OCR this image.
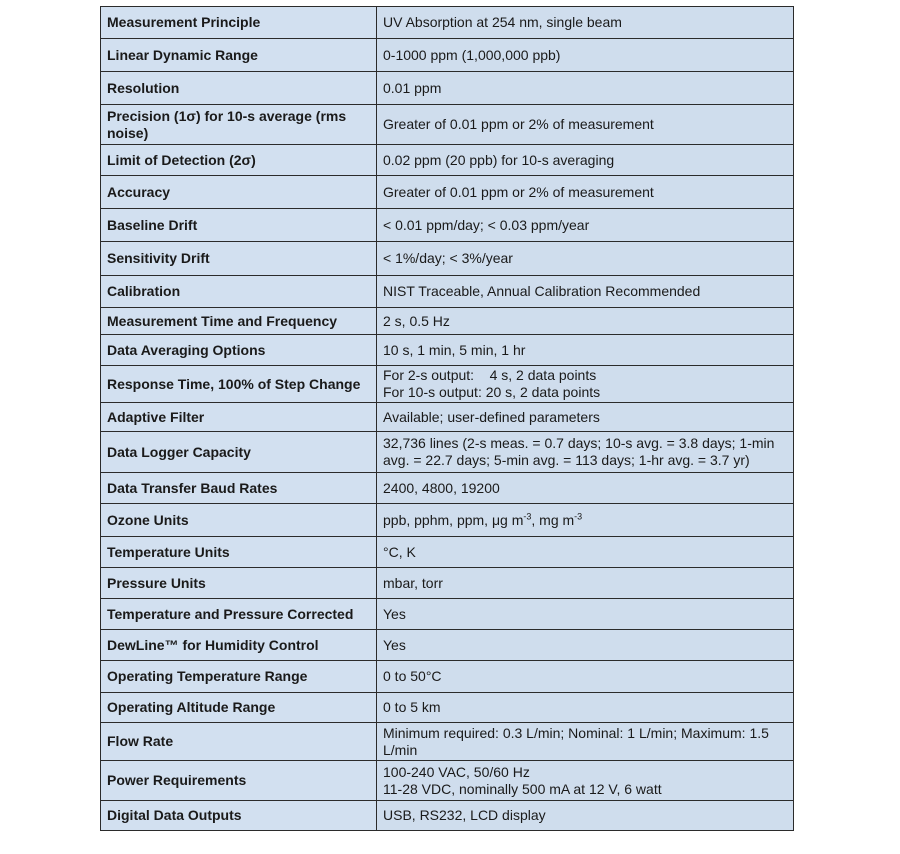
Measurement Principle	UV Absorption at 254 nm, single beam
Linear Dynamic Range	0-1000 ppm (1,000,000 ppb)
Resolution	0.01 ppm
Precision (1σ) for 10-s average (rms noise)	Greater of 0.01 ppm or 2% of measurement
Limit of Detection (2σ)	0.02 ppm (20 ppb) for 10-s averaging
Accuracy	Greater of 0.01 ppm or 2% of measurement
Baseline Drift	< 0.01 ppm/day; < 0.03 ppm/year
Sensitivity Drift	< 1%/day; < 3%/year
Calibration	NIST Traceable, Annual Calibration Recommended
Measurement Time and Frequency	2 s, 0.5 Hz
Data Averaging Options	10 s, 1 min, 5 min, 1 hr
Response Time, 100% of Step Change	For 2-s output:    4 s, 2 data points
For 10-s output: 20 s, 2 data points

Adaptive Filter	Available; user-defined parameters
Data Logger Capacity	32,736 lines (2-s meas. = 0.7 days; 10-s avg. = 3.8 days; 1-min avg. = 22.7 days; 5-min avg. = 113 days; 1-hr avg. = 3.7 yr)
Data Transfer Baud Rates	2400, 4800, 19200
Ozone Units	ppb, pphm, ppm, μg $m^{-3}$, mg $m^{-3}$
Temperature Units	°C, K
Pressure Units	mbar, torr
Temperature and Pressure Corrected	Yes
DewLine™ for Humidity Control	Yes
Operating Temperature Range	0 to 50°C
Operating Altitude Range	0 to 5 km
Flow Rate	Minimum required: 0.3 L/min; Nominal: 1 L/min; Maximum: 1.5 L/min
Power Requirements	100-240 VAC, 50/60 Hz
11-28 VDC, nominally 500 mA at 12 V, 6 watt

Digital Data Outputs	USB, RS232, LCD display
